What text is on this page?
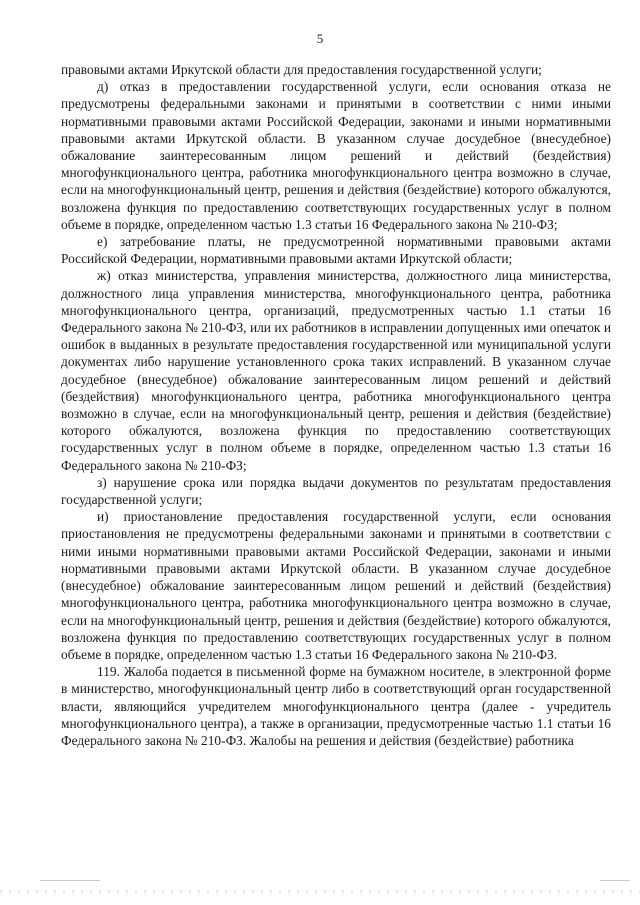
5

правовыми актами Иркутской области для предоставления государственной услуги;

д) отказ в предоставлении государственной услуги, если основания отказа не предусмотрены федеральными законами и принятыми в соответствии с ними иными нормативными правовыми актами Российской Федерации, законами и иными нормативными правовыми актами Иркутской области. В указанном случае досудебное (внесудебное) обжалование заинтересованным лицом решений и действий (бездействия) многофункционального центра, работника многофункционального центра возможно в случае, если на многофункциональный центр, решения и действия (бездействие) которого обжалуются, возложена функция по предоставлению соответствующих государственных услуг в полном объеме в порядке, определенном частью 1.3 статьи 16 Федерального закона № 210-ФЗ;

е) затребование платы, не предусмотренной нормативными правовыми актами Российской Федерации, нормативными правовыми актами Иркутской области;

ж) отказ министерства, управления министерства, должностного лица министерства, должностного лица управления министерства, многофункционального центра, работника многофункционального центра, организаций, предусмотренных частью 1.1 статьи 16 Федерального закона № 210-ФЗ, или их работников в исправлении допущенных ими опечаток и ошибок в выданных в результате предоставления государственной или муниципальной услуги документах либо нарушение установленного срока таких исправлений. В указанном случае досудебное (внесудебное) обжалование заинтересованным лицом решений и действий (бездействия) многофункционального центра, работника многофункционального центра возможно в случае, если на многофункциональный центр, решения и действия (бездействие) которого обжалуются, возложена функция по предоставлению соответствующих государственных услуг в полном объеме в порядке, определенном частью 1.3 статьи 16 Федерального закона № 210-ФЗ;

з) нарушение срока или порядка выдачи документов по результатам предоставления государственной услуги;

и) приостановление предоставления государственной услуги, если основания приостановления не предусмотрены федеральными законами и принятыми в соответствии с ними иными нормативными правовыми актами Российской Федерации, законами и иными нормативными правовыми актами Иркутской области. В указанном случае досудебное (внесудебное) обжалование заинтересованным лицом решений и действий (бездействия) многофункционального центра, работника многофункционального центра возможно в случае, если на многофункциональный центр, решения и действия (бездействие) которого обжалуются, возложена функция по предоставлению соответствующих государственных услуг в полном объеме в порядке, определенном частью 1.3 статьи 16 Федерального закона № 210-ФЗ.

119. Жалоба подается в письменной форме на бумажном носителе, в электронной форме в министерство, многофункциональный центр либо в соответствующий орган государственной власти, являющийся учредителем многофункционального центра (далее - учредитель многофункционального центра), а также в организации, предусмотренные частью 1.1 статьи 16 Федерального закона № 210-ФЗ. Жалобы на решения и действия (бездействие) работника
